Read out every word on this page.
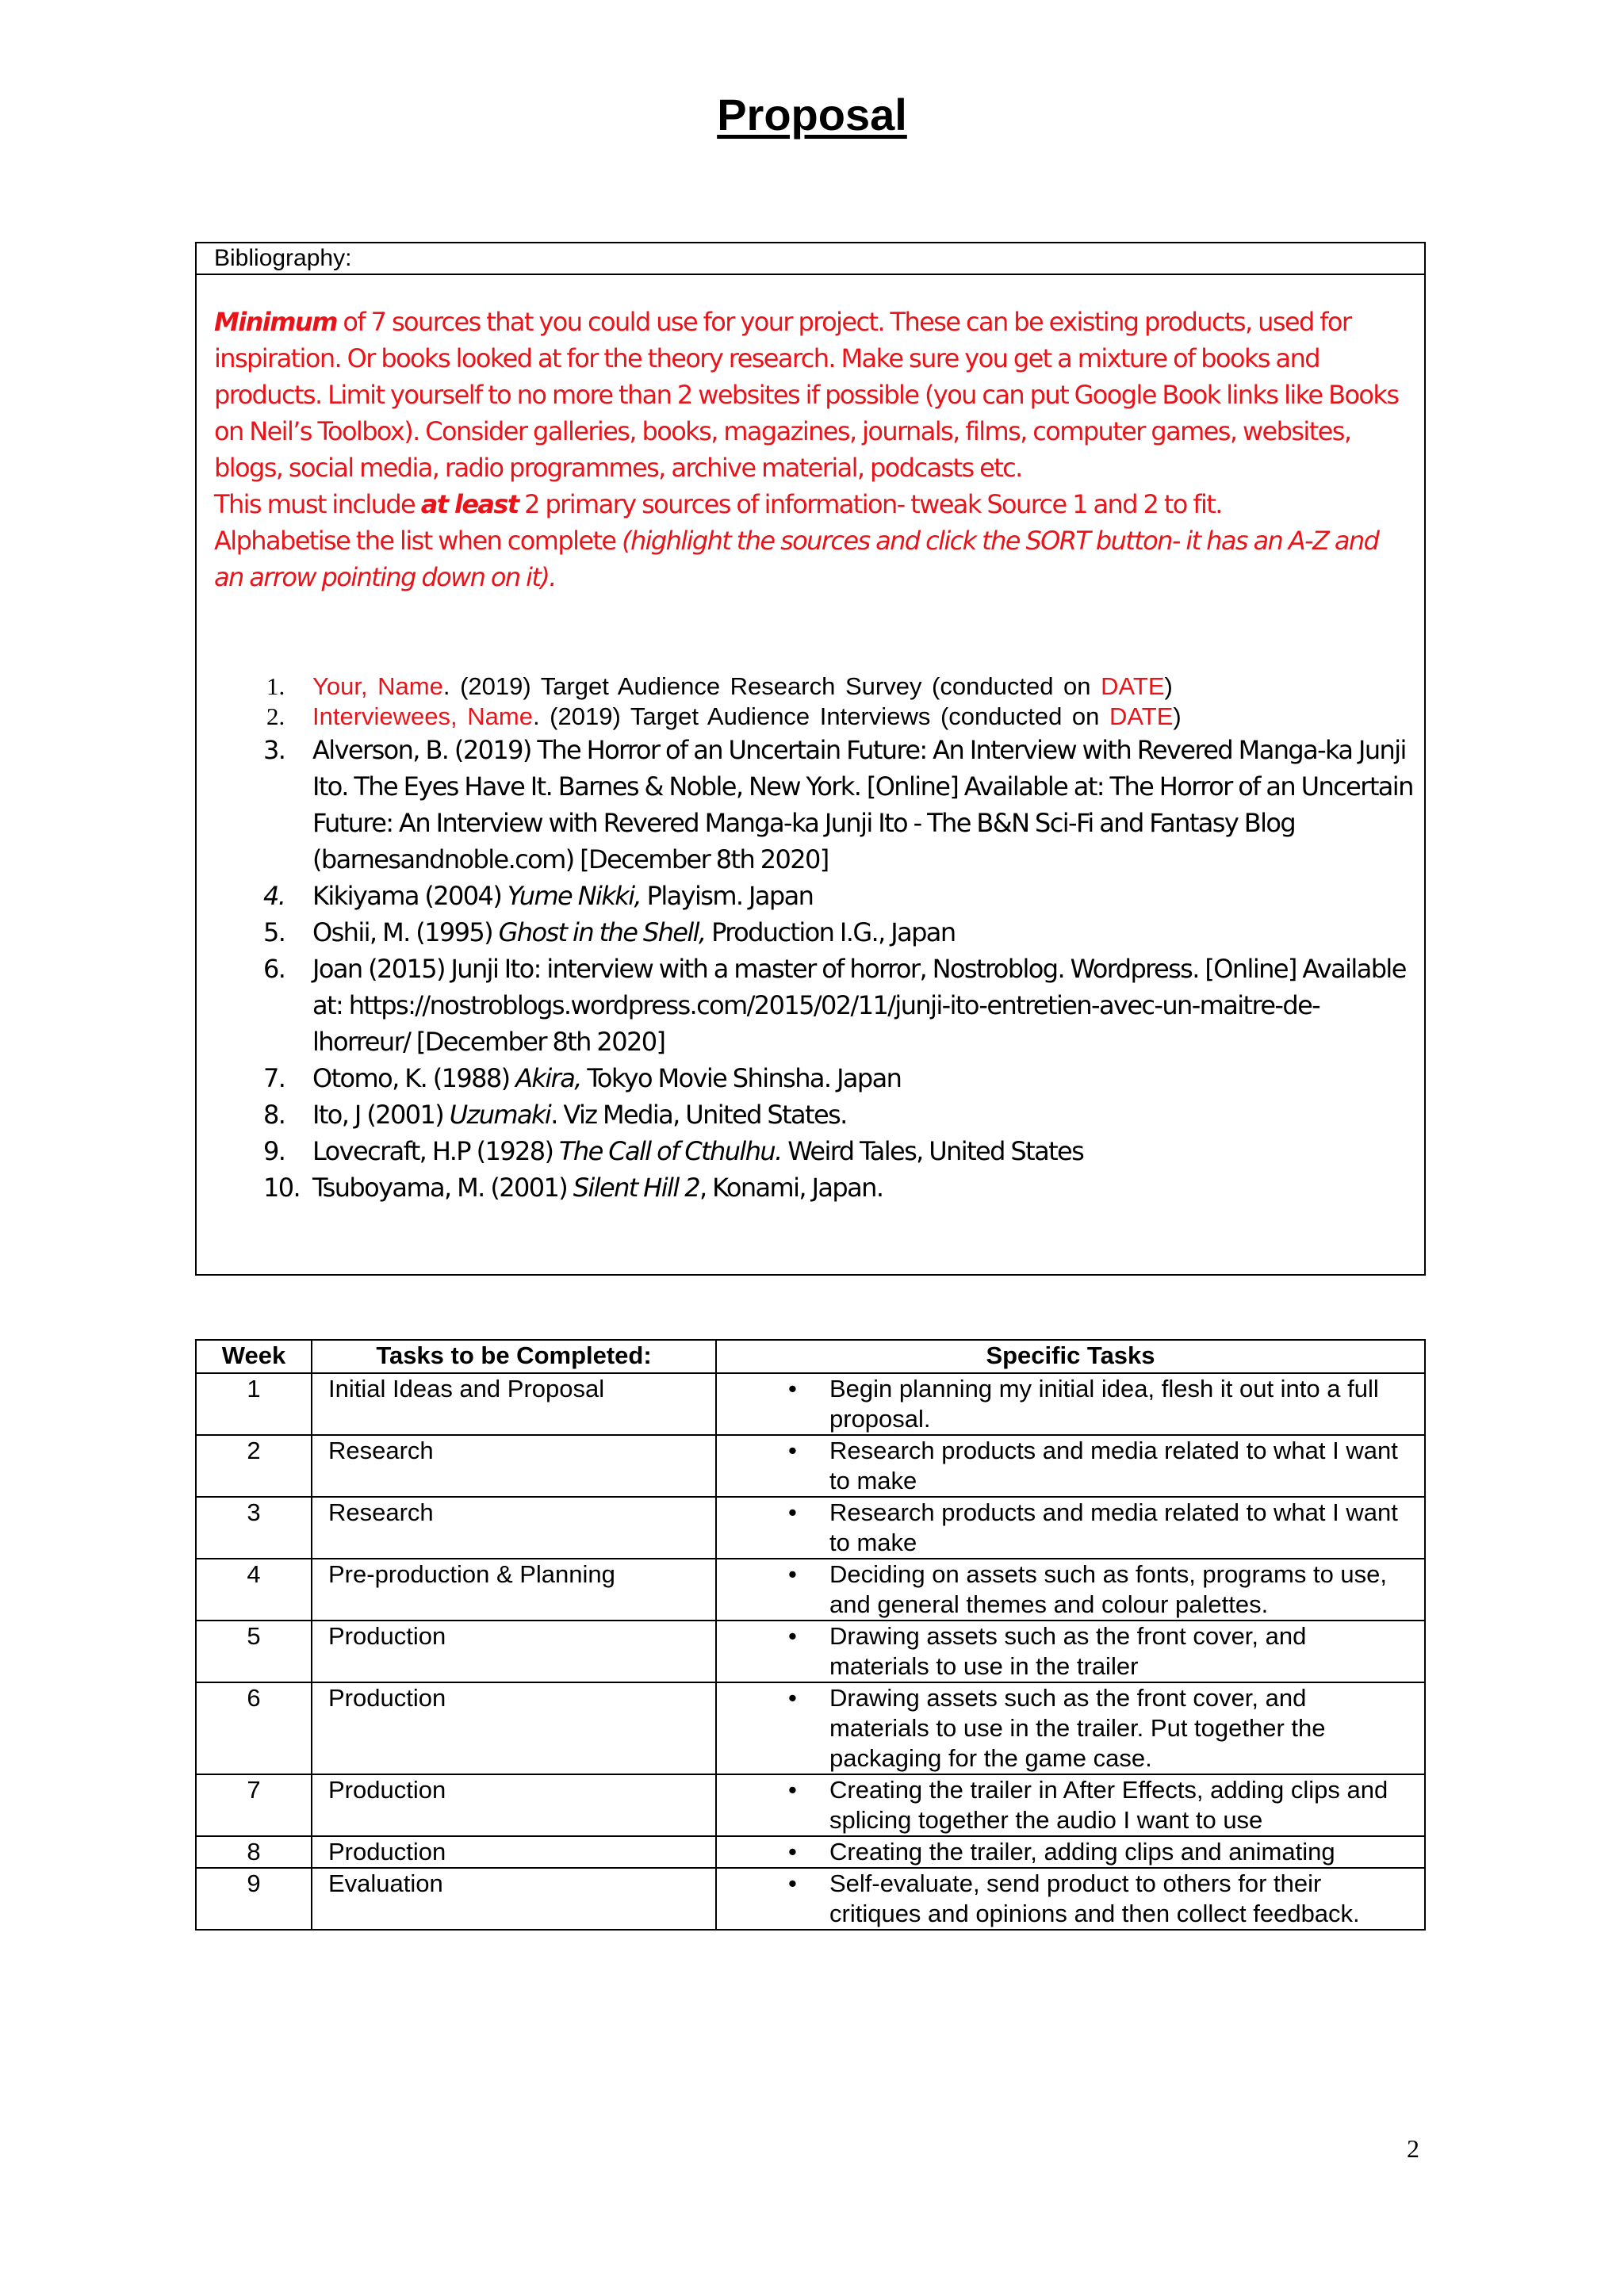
Proposal
Bibliography:

Minimum of 7 sources that you could use for your project. These can be existing products, used for inspiration. Or books looked at for the theory research. Make sure you get a mixture of books and products. Limit yourself to no more than 2 websites if possible (you can put Google Book links like Books on Neil’s Toolbox). Consider galleries, books, magazines, journals, films, computer games, websites, blogs, social media, radio programmes, archive material, podcasts etc.

This must include at least 2 primary sources of information- tweak Source 1 and 2 to fit.

Alphabetise the list when complete (highlight the sources and click the SORT button- it has an A-Z and an arrow pointing down on it).

1. Your, Name. (2019) Target Audience Research Survey (conducted on DATE)
2. Interviewees, Name. (2019) Target Audience Interviews (conducted on DATE)
3. Alverson, B. (2019) The Horror of an Uncertain Future: An Interview with Revered Manga-ka Junji Ito. The Eyes Have It. Barnes & Noble, New York. [Online] Available at: The Horror of an Uncertain Future: An Interview with Revered Manga-ka Junji Ito - The B&N Sci-Fi and Fantasy Blog (barnesandnoble.com) [December 8th 2020]
4. Kikiyama (2004) Yume Nikki, Playism. Japan
5. Oshii, M. (1995) Ghost in the Shell, Production I.G., Japan
6. Joan (2015) Junji Ito: interview with a master of horror, Nostroblog. Wordpress. [Online] Available at: https://nostroblogs.wordpress.com/2015/02/11/junji-ito-entretien-avec-un-maitre-de-lhorreur/ [December 8th 2020]
7. Otomo, K. (1988) Akira, Tokyo Movie Shinsha. Japan
8. Ito, J (2001) Uzumaki. Viz Media, United States.
9. Lovecraft, H.P (1928) The Call of Cthulhu. Weird Tales, United States
10. Tsuboyama, M. (2001) Silent Hill 2, Konami, Japan.
Week	Tasks to be Completed:	Specific Tasks
1	Initial Ideas and Proposal	• Begin planning my initial idea, flesh it out into a full proposal.
2	Research	• Research products and media related to what I want to make
3	Research	• Research products and media related to what I want to make
4	Pre-production & Planning	• Deciding on assets such as fonts, programs to use, and general themes and colour palettes.
5	Production	• Drawing assets such as the front cover, and materials to use in the trailer
6	Production	• Drawing assets such as the front cover, and materials to use in the trailer. Put together the packaging for the game case.
7	Production	• Creating the trailer in After Effects, adding clips and splicing together the audio I want to use
8	Production	• Creating the trailer, adding clips and animating
9	Evaluation	• Self-evaluate, send product to others for their critiques and opinions and then collect feedback.
2
